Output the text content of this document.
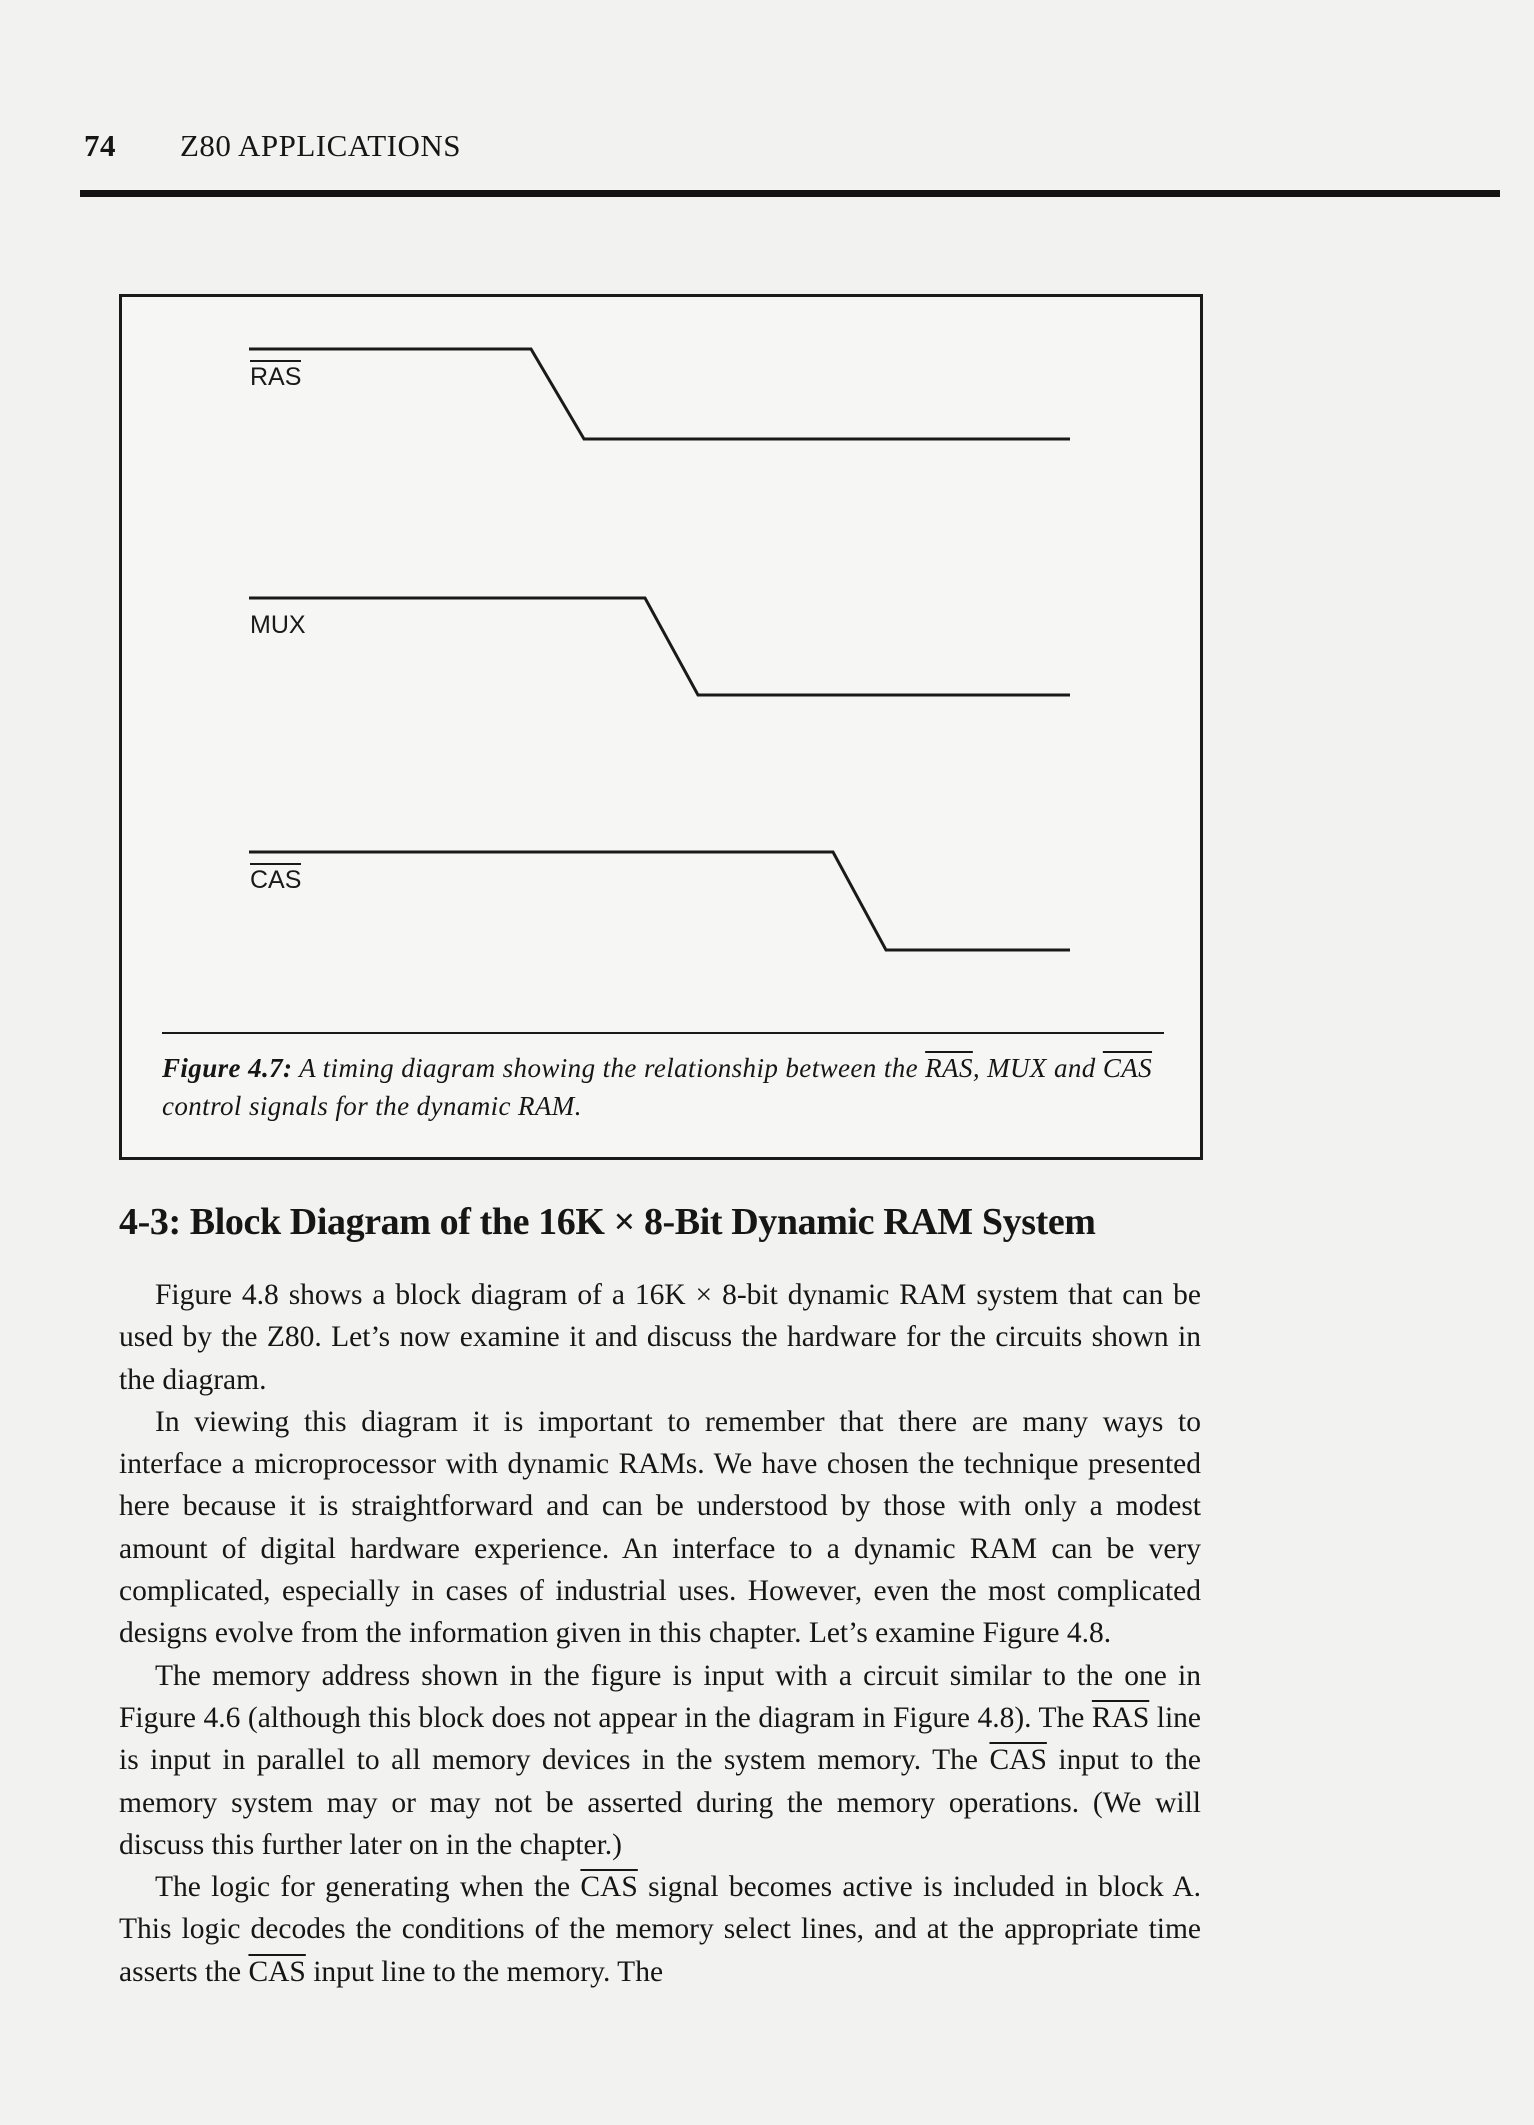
74 Z80 APPLICATIONS
RAS
MUX
CAS
Figure 4.7: A timing diagram showing the relationship between the $\overline{RAS}$, MUX and $\overline{CAS}$ control signals for the dynamic RAM.
4-3: Block Diagram of the 16K × 8-Bit Dynamic RAM System

Figure 4.8 shows a block diagram of a 16K × 8-bit dynamic RAM system that can be used by the Z80. Let’s now examine it and discuss the hardware for the circuits shown in the diagram.

In viewing this diagram it is important to remember that there are many ways to interface a microprocessor with dynamic RAMs. We have chosen the technique presented here because it is straightforward and can be understood by those with only a modest amount of digital hardware experience. An interface to a dynamic RAM can be very complicated, especially in cases of industrial uses. However, even the most complicated designs evolve from the information given in this chapter. Let’s examine Figure 4.8.

The memory address shown in the figure is input with a circuit similar to the one in Figure 4.6 (although this block does not appear in the diagram in Figure 4.8). The $\overline{RAS}$ line is input in parallel to all memory devices in the system memory. The $\overline{CAS}$ input to the memory system may or may not be asserted during the memory operations. (We will discuss this further later on in the chapter.)

The logic for generating when the $\overline{CAS}$ signal becomes active is included in block A. This logic decodes the conditions of the memory select lines, and at the appropriate time asserts the $\overline{CAS}$ input line to the memory. The
